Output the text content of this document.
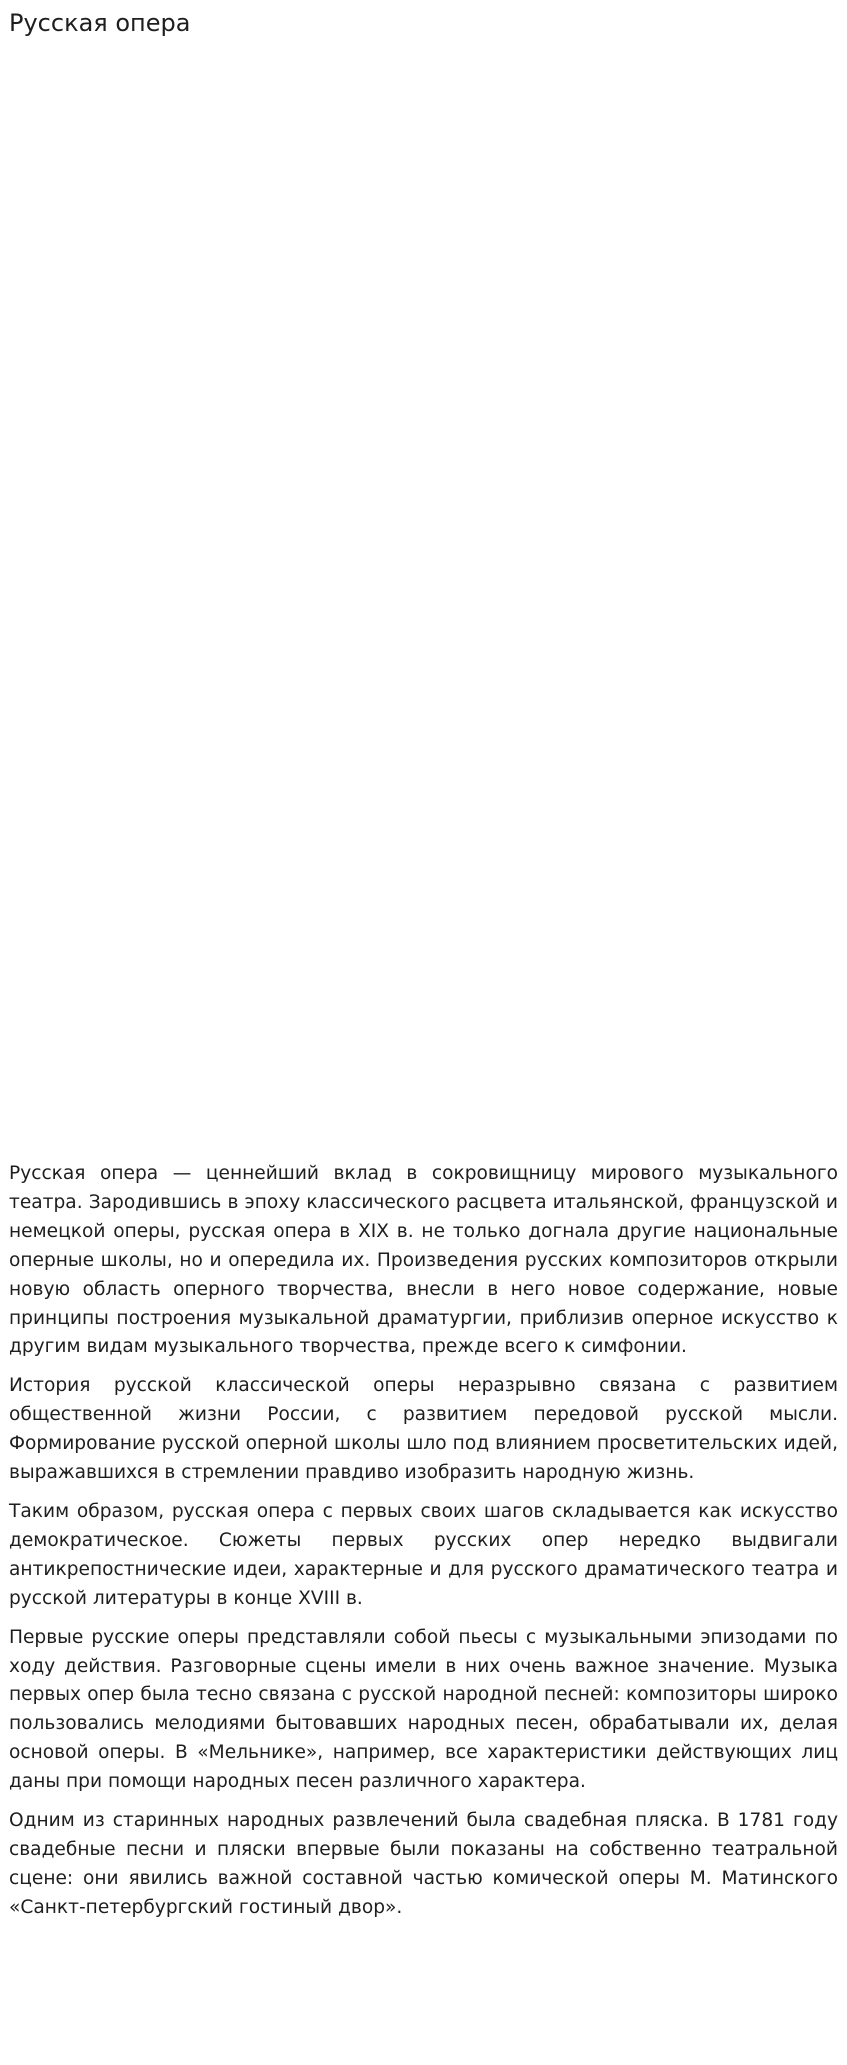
Русская опера

Русская опера — ценнейший вклад в сокровищницу мирового музыкального театра. Зародившись в эпоху классического расцвета итальянской, французской и немецкой оперы, русская опера в XIX в. не только догнала другие национальные оперные школы, но и опередила их. Произведения русских композиторов открыли новую область оперного творчества, внесли в него новое содержание, новые принципы построения музыкальной драматургии, приблизив оперное искусство к другим видам музыкального творчества, прежде всего к симфонии.

История русской классической оперы неразрывно связана с развитием общественной жизни России, с развитием передовой русской мысли. Формирование русской оперной школы шло под влиянием просветительских идей, выражавшихся в стремлении правдиво изобразить народную жизнь.

Таким образом, русская опера с первых своих шагов складывается как искусство демократическое. Сюжеты первых русских опер нередко выдвигали антикрепостнические идеи, характерные и для русского драматического театра и русской литературы в конце XVIII в.

Первые русские оперы представляли собой пьесы с музыкальными эпизодами по ходу действия. Разговорные сцены имели в них очень важное значение. Музыка первых опер была тесно связана с русской народной песней: композиторы широко пользовались мелодиями бытовавших народных песен, обрабатывали их, делая основой оперы. В «Мельнике», например, все характеристики действующих лиц даны при помощи народных песен различного характера.

Одним из старинных народных развлечений была свадебная пляска. В 1781 году свадебные песни и пляски впервые были показаны на собственно театральной сцене: они явились важной составной частью комической оперы М. Матинского «Санкт-петербургский гостиный двор».
